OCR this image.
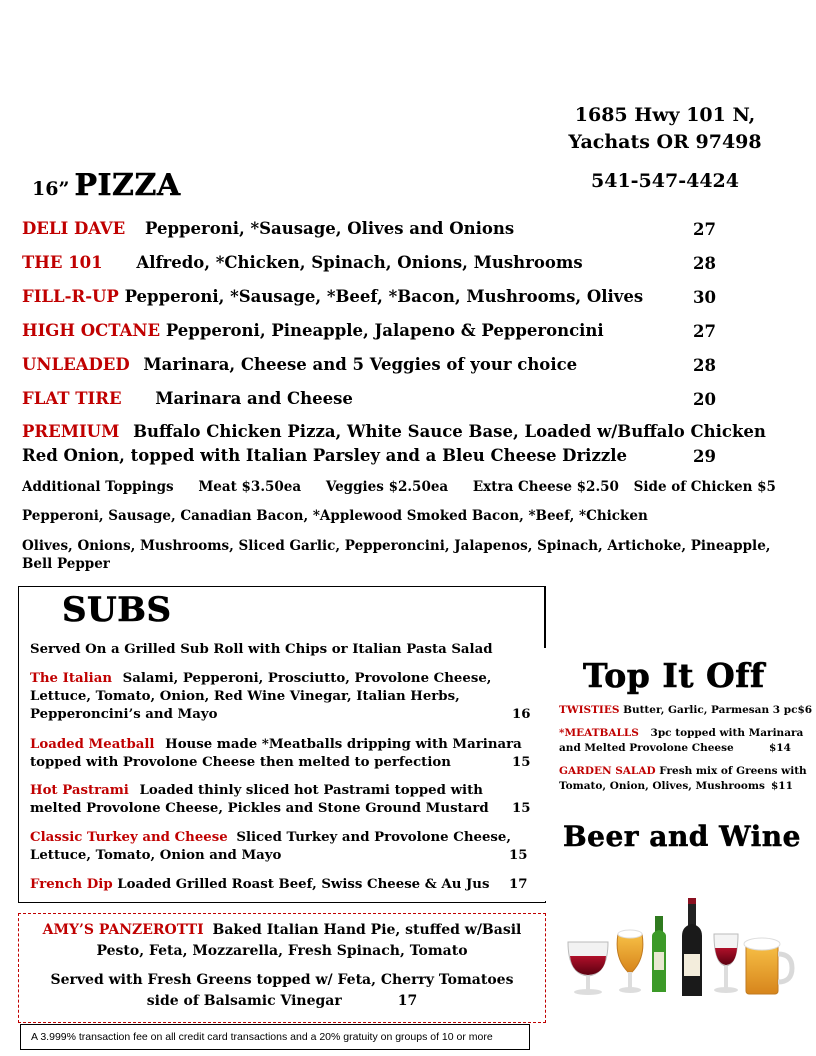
1685 Hwy 101 N,
Yachats OR 97498
541-547-4424
16” PIZZA
DELI DAVE Pepperoni, *Sausage, Olives and Onions	27
THE 101 Alfredo, *Chicken, Spinach, Onions, Mushrooms	28
FILL-R-UP Pepperoni, *Sausage, *Beef, *Bacon, Mushrooms, Olives	30
HIGH OCTANE Pepperoni, Pineapple, Jalapeno & Pepperoncini	27
UNLEADED Marinara, Cheese and 5 Veggies of your choice	28
FLAT TIRE Marinara and Cheese	20
PREMIUM Buffalo Chicken Pizza, White Sauce Base, Loaded w/Buffalo Chicken
Red Onion, topped with Italian Parsley and a Bleu Cheese Drizzle	29
Additional Toppings Meat $3.50ea Veggies $2.50ea Extra Cheese $2.50 Side of Chicken $5
Pepperoni, Sausage, Canadian Bacon, *Applewood Smoked Bacon, *Beef, *Chicken
Olives, Onions, Mushrooms, Sliced Garlic, Pepperoncini, Jalapenos, Spinach, Artichoke, Pineapple, Bell Pepper
SUBS
Served On a Grilled Sub Roll with Chips or Italian Pasta Salad
The Italian Salami, Pepperoni, Prosciutto, Provolone Cheese,
Lettuce, Tomato, Onion, Red Wine Vinegar, Italian Herbs,
Pepperoncini’s and Mayo	16
Loaded Meatball House made *Meatballs dripping with Marinara
topped with Provolone Cheese then melted to perfection	15
Hot Pastrami Loaded thinly sliced hot Pastrami topped with
melted Provolone Cheese, Pickles and Stone Ground Mustard	15
Classic Turkey and Cheese Sliced Turkey and Provolone Cheese,
Lettuce, Tomato, Onion and Mayo	15
French Dip Loaded Grilled Roast Beef, Swiss Cheese & Au Jus 17
AMY’S PANZEROTTI Baked Italian Hand Pie, stuffed w/Basil
Pesto, Feta, Mozzarella, Fresh Spinach, Tomato
Served with Fresh Greens topped w/ Feta, Cherry Tomatoes
side of Balsamic Vinegar	17
A 3.999% transaction fee on all credit card transactions and a 20% gratuity on groups of 10 or more
Top It Off
TWISTIES Butter, Garlic, Parmesan 3 pc$6
*MEATBALLS 3pc topped with Marinara
and Melted Provolone Cheese	$14
GARDEN SALAD Fresh mix of Greens with
Tomato, Onion, Olives, Mushrooms $11
Beer and Wine
